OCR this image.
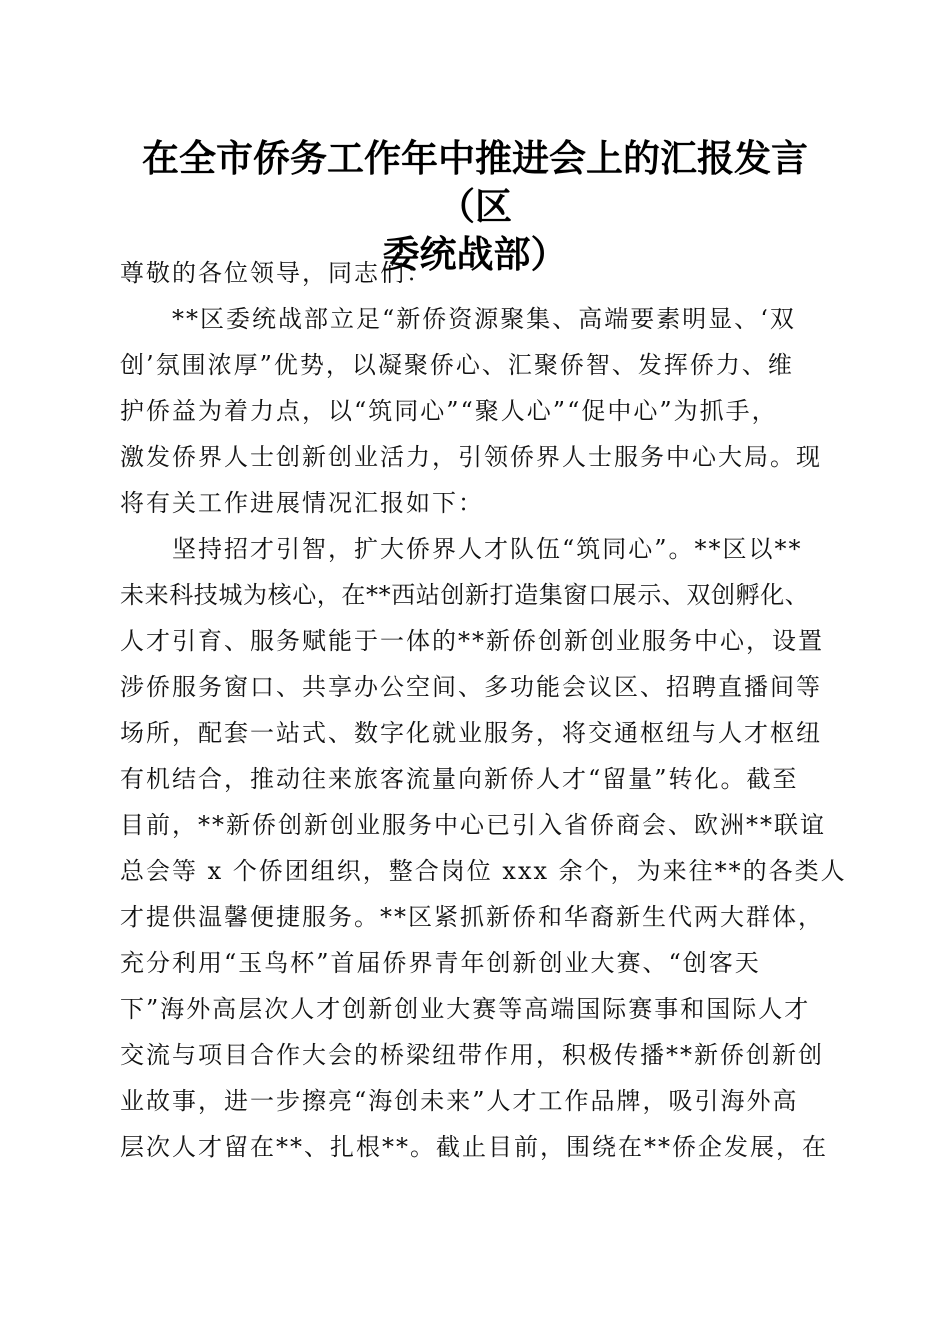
在全市侨务工作年中推进会上的汇报发言（区
委统战部）
尊敬的各位领导，同志们：
**区委统战部立足“新侨资源聚集、高端要素明显、‘双
创’氛围浓厚”优势，以凝聚侨心、汇聚侨智、发挥侨力、维
护侨益为着力点，以“筑同心”“聚人心”“促中心”为抓手，
激发侨界人士创新创业活力，引领侨界人士服务中心大局。现
将有关工作进展情况汇报如下：
坚持招才引智，扩大侨界人才队伍“筑同心”。**区以**
未来科技城为核心，在**西站创新打造集窗口展示、双创孵化、
人才引育、服务赋能于一体的**新侨创新创业服务中心，设置
涉侨服务窗口、共享办公空间、多功能会议区、招聘直播间等
场所，配套一站式、数字化就业服务，将交通枢纽与人才枢纽
有机结合，推动往来旅客流量向新侨人才“留量”转化。截至
目前，**新侨创新创业服务中心已引入省侨商会、欧洲**联谊
总会等 x 个侨团组织，整合岗位 xxx 余个，为来往**的各类人
才提供温馨便捷服务。**区紧抓新侨和华裔新生代两大群体，
充分利用“玉鸟杯”首届侨界青年创新创业大赛、“创客天
下”海外高层次人才创新创业大赛等高端国际赛事和国际人才
交流与项目合作大会的桥梁纽带作用，积极传播**新侨创新创
业故事，进一步擦亮“海创未来”人才工作品牌，吸引海外高
层次人才留在**、扎根**。截止目前，围绕在**侨企发展，在
